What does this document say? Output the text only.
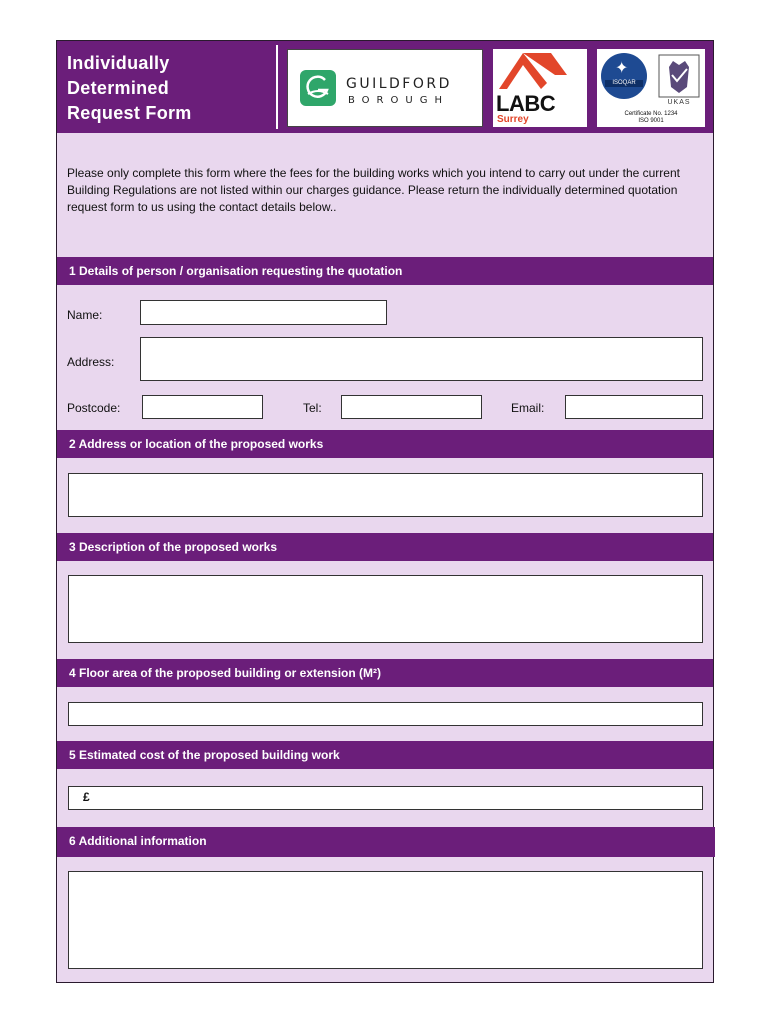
Individually
Determined
Request Form
GUILDFORD
BOROUGH LABC
Surrey
✦
ISOQAR
UKAS
Certificate No. 1234
ISO 9001
Please only complete this form where the fees for the building works which you intend to carry out under the current Building Regulations are not listed within our charges guidance. Please return the individually determined quotation request form to us using the contact details below..
1 Details of person / organisation requesting the quotation
Name:
Address:
Postcode:	Tel:	Email:
2 Address or location of the proposed works
3 Description of the proposed works
4 Floor area of the proposed building or extension (M²)
5 Estimated cost of the proposed building work
£
6 Additional information
